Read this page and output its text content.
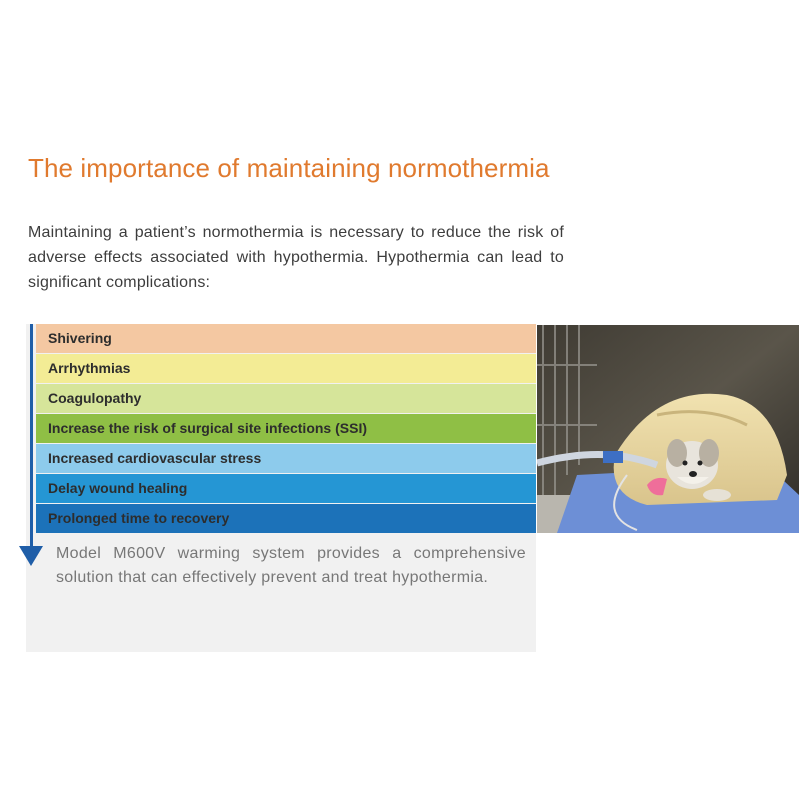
The importance of maintaining normothermia
Maintaining a patient’s normothermia is necessary to reduce the risk of adverse effects associated with hypothermia. Hypothermia can lead to significant complications:
Shivering
Arrhythmias
Coagulopathy
Increase the risk of surgical site infections (SSI)
Increased cardiovascular stress
Delay wound healing
Prolonged time to recovery
Model M600V warming system provides a comprehensive solution that can effectively prevent and treat hypothermia.
